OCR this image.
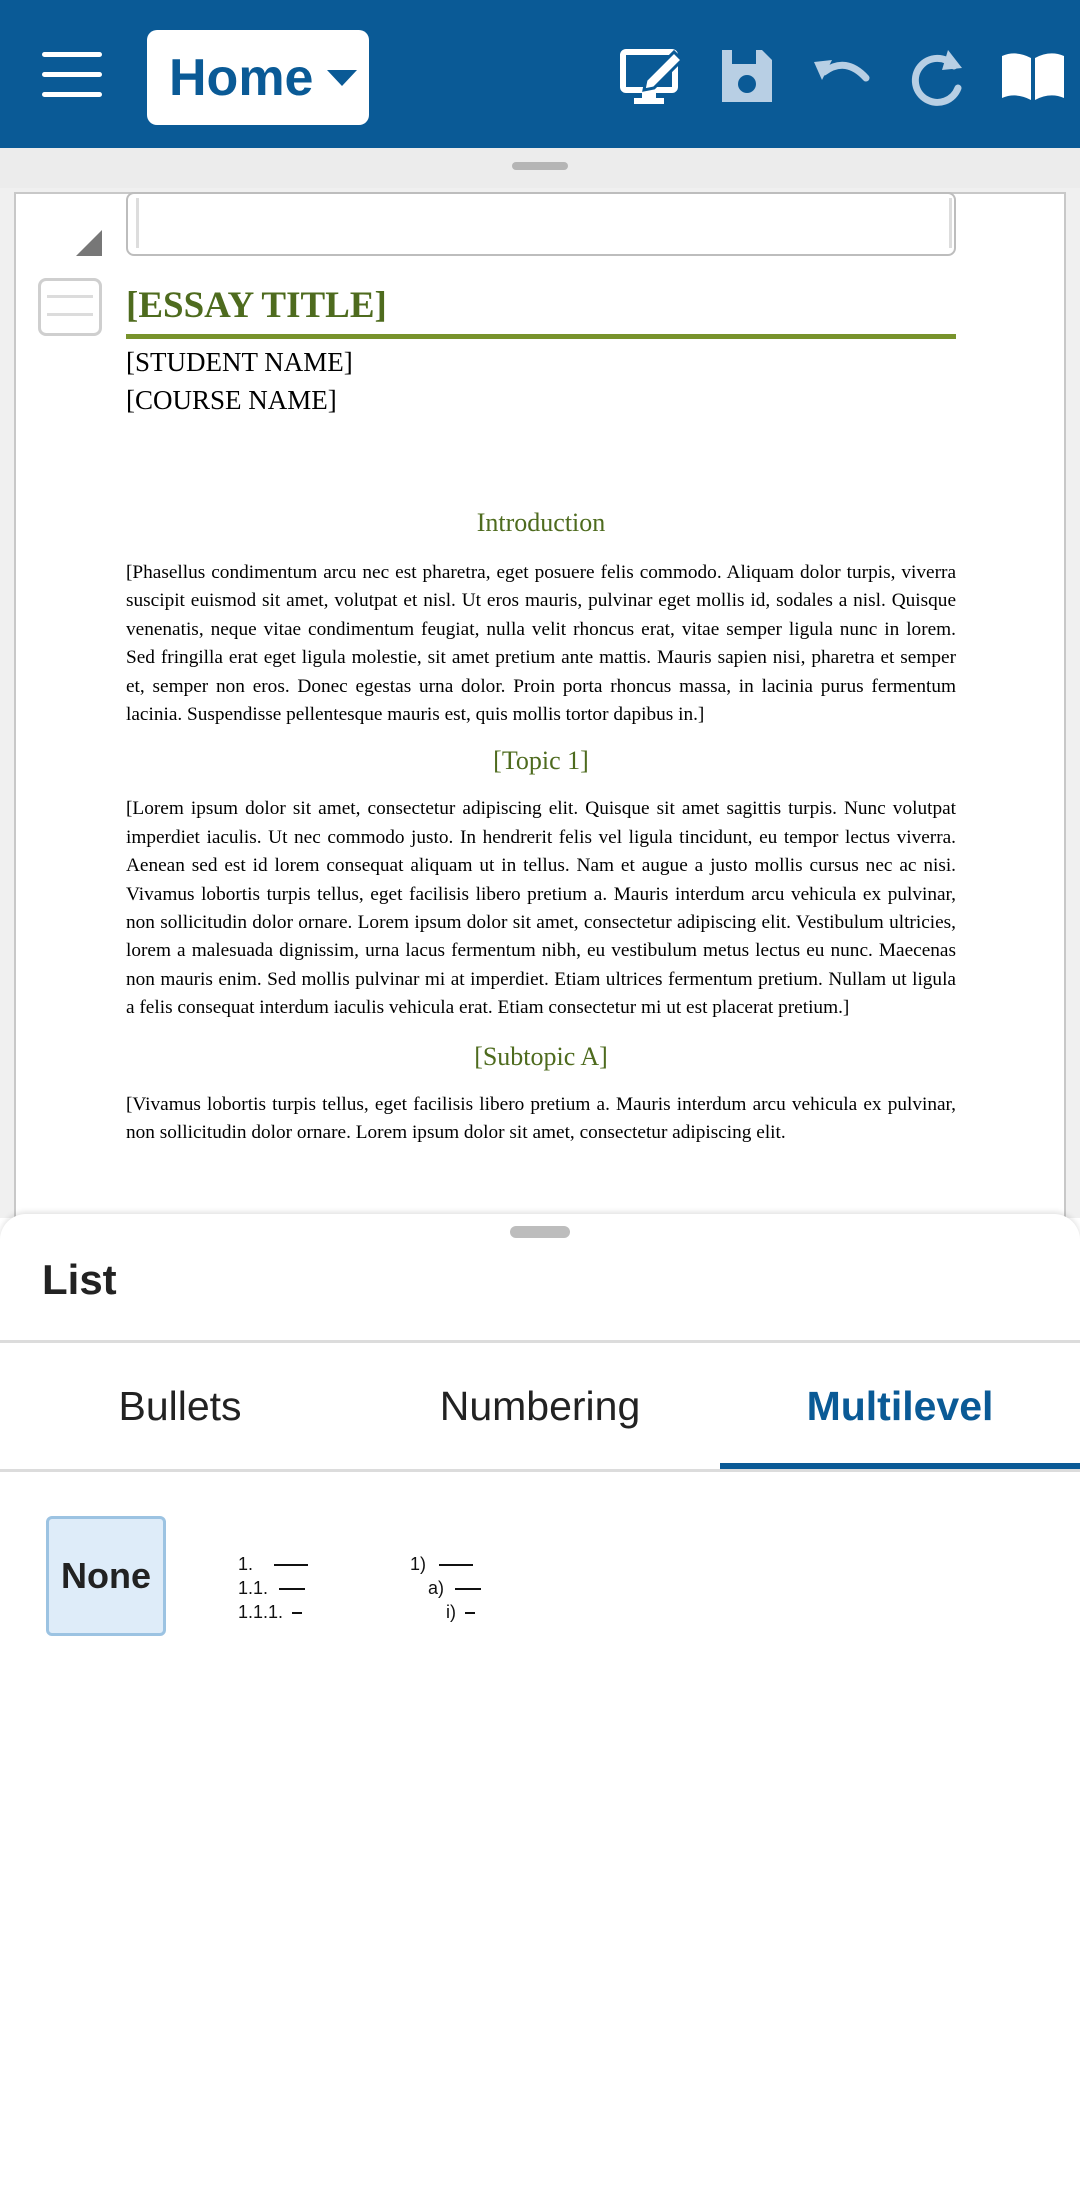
Home
[ESSAY TITLE]
[STUDENT NAME]
[COURSE NAME]
Introduction

[Phasellus condimentum arcu nec est pharetra, eget posuere felis commodo. Aliquam dolor turpis, viverra suscipit euismod sit amet, volutpat et nisl. Ut eros mauris, pulvinar eget mollis id, sodales a nisl. Quisque venenatis, neque vitae condimentum feugiat, nulla velit rhoncus erat, vitae semper ligula nunc in lorem. Sed fringilla erat eget ligula molestie, sit amet pretium ante mattis. Mauris sapien nisi, pharetra et semper et, semper non eros. Donec egestas urna dolor. Proin porta rhoncus massa, in lacinia purus fermentum lacinia. Suspendisse pellentesque mauris est, quis mollis tortor dapibus in.]

[Topic 1]

[Lorem ipsum dolor sit amet, consectetur adipiscing elit. Quisque sit amet sagittis turpis. Nunc volutpat imperdiet iaculis. Ut nec commodo justo. In hendrerit felis vel ligula tincidunt, eu tempor lectus viverra. Aenean sed est id lorem consequat aliquam ut in tellus. Nam et augue a justo mollis cursus nec ac nisi. Vivamus lobortis turpis tellus, eget facilisis libero pretium a. Mauris interdum arcu vehicula ex pulvinar, non sollicitudin dolor ornare. Lorem ipsum dolor sit amet, consectetur adipiscing elit. Vestibulum ultricies, lorem a malesuada dignissim, urna lacus fermentum nibh, eu vestibulum metus lectus eu nunc. Maecenas non mauris enim. Sed mollis pulvinar mi at imperdiet. Etiam ultrices fermentum pretium. Nullam ut ligula a felis consequat interdum iaculis vehicula erat. Etiam consectetur mi ut est placerat pretium.]

[Subtopic A]

[Vivamus lobortis turpis tellus, eget facilisis libero pretium a. Mauris interdum arcu vehicula ex pulvinar, non sollicitudin dolor ornare. Lorem ipsum dolor sit amet, consectetur adipiscing elit.

List
Bullets	Numbering	Multilevel
None	1.
1.1.
1.1.1.
1)
a)
i)
